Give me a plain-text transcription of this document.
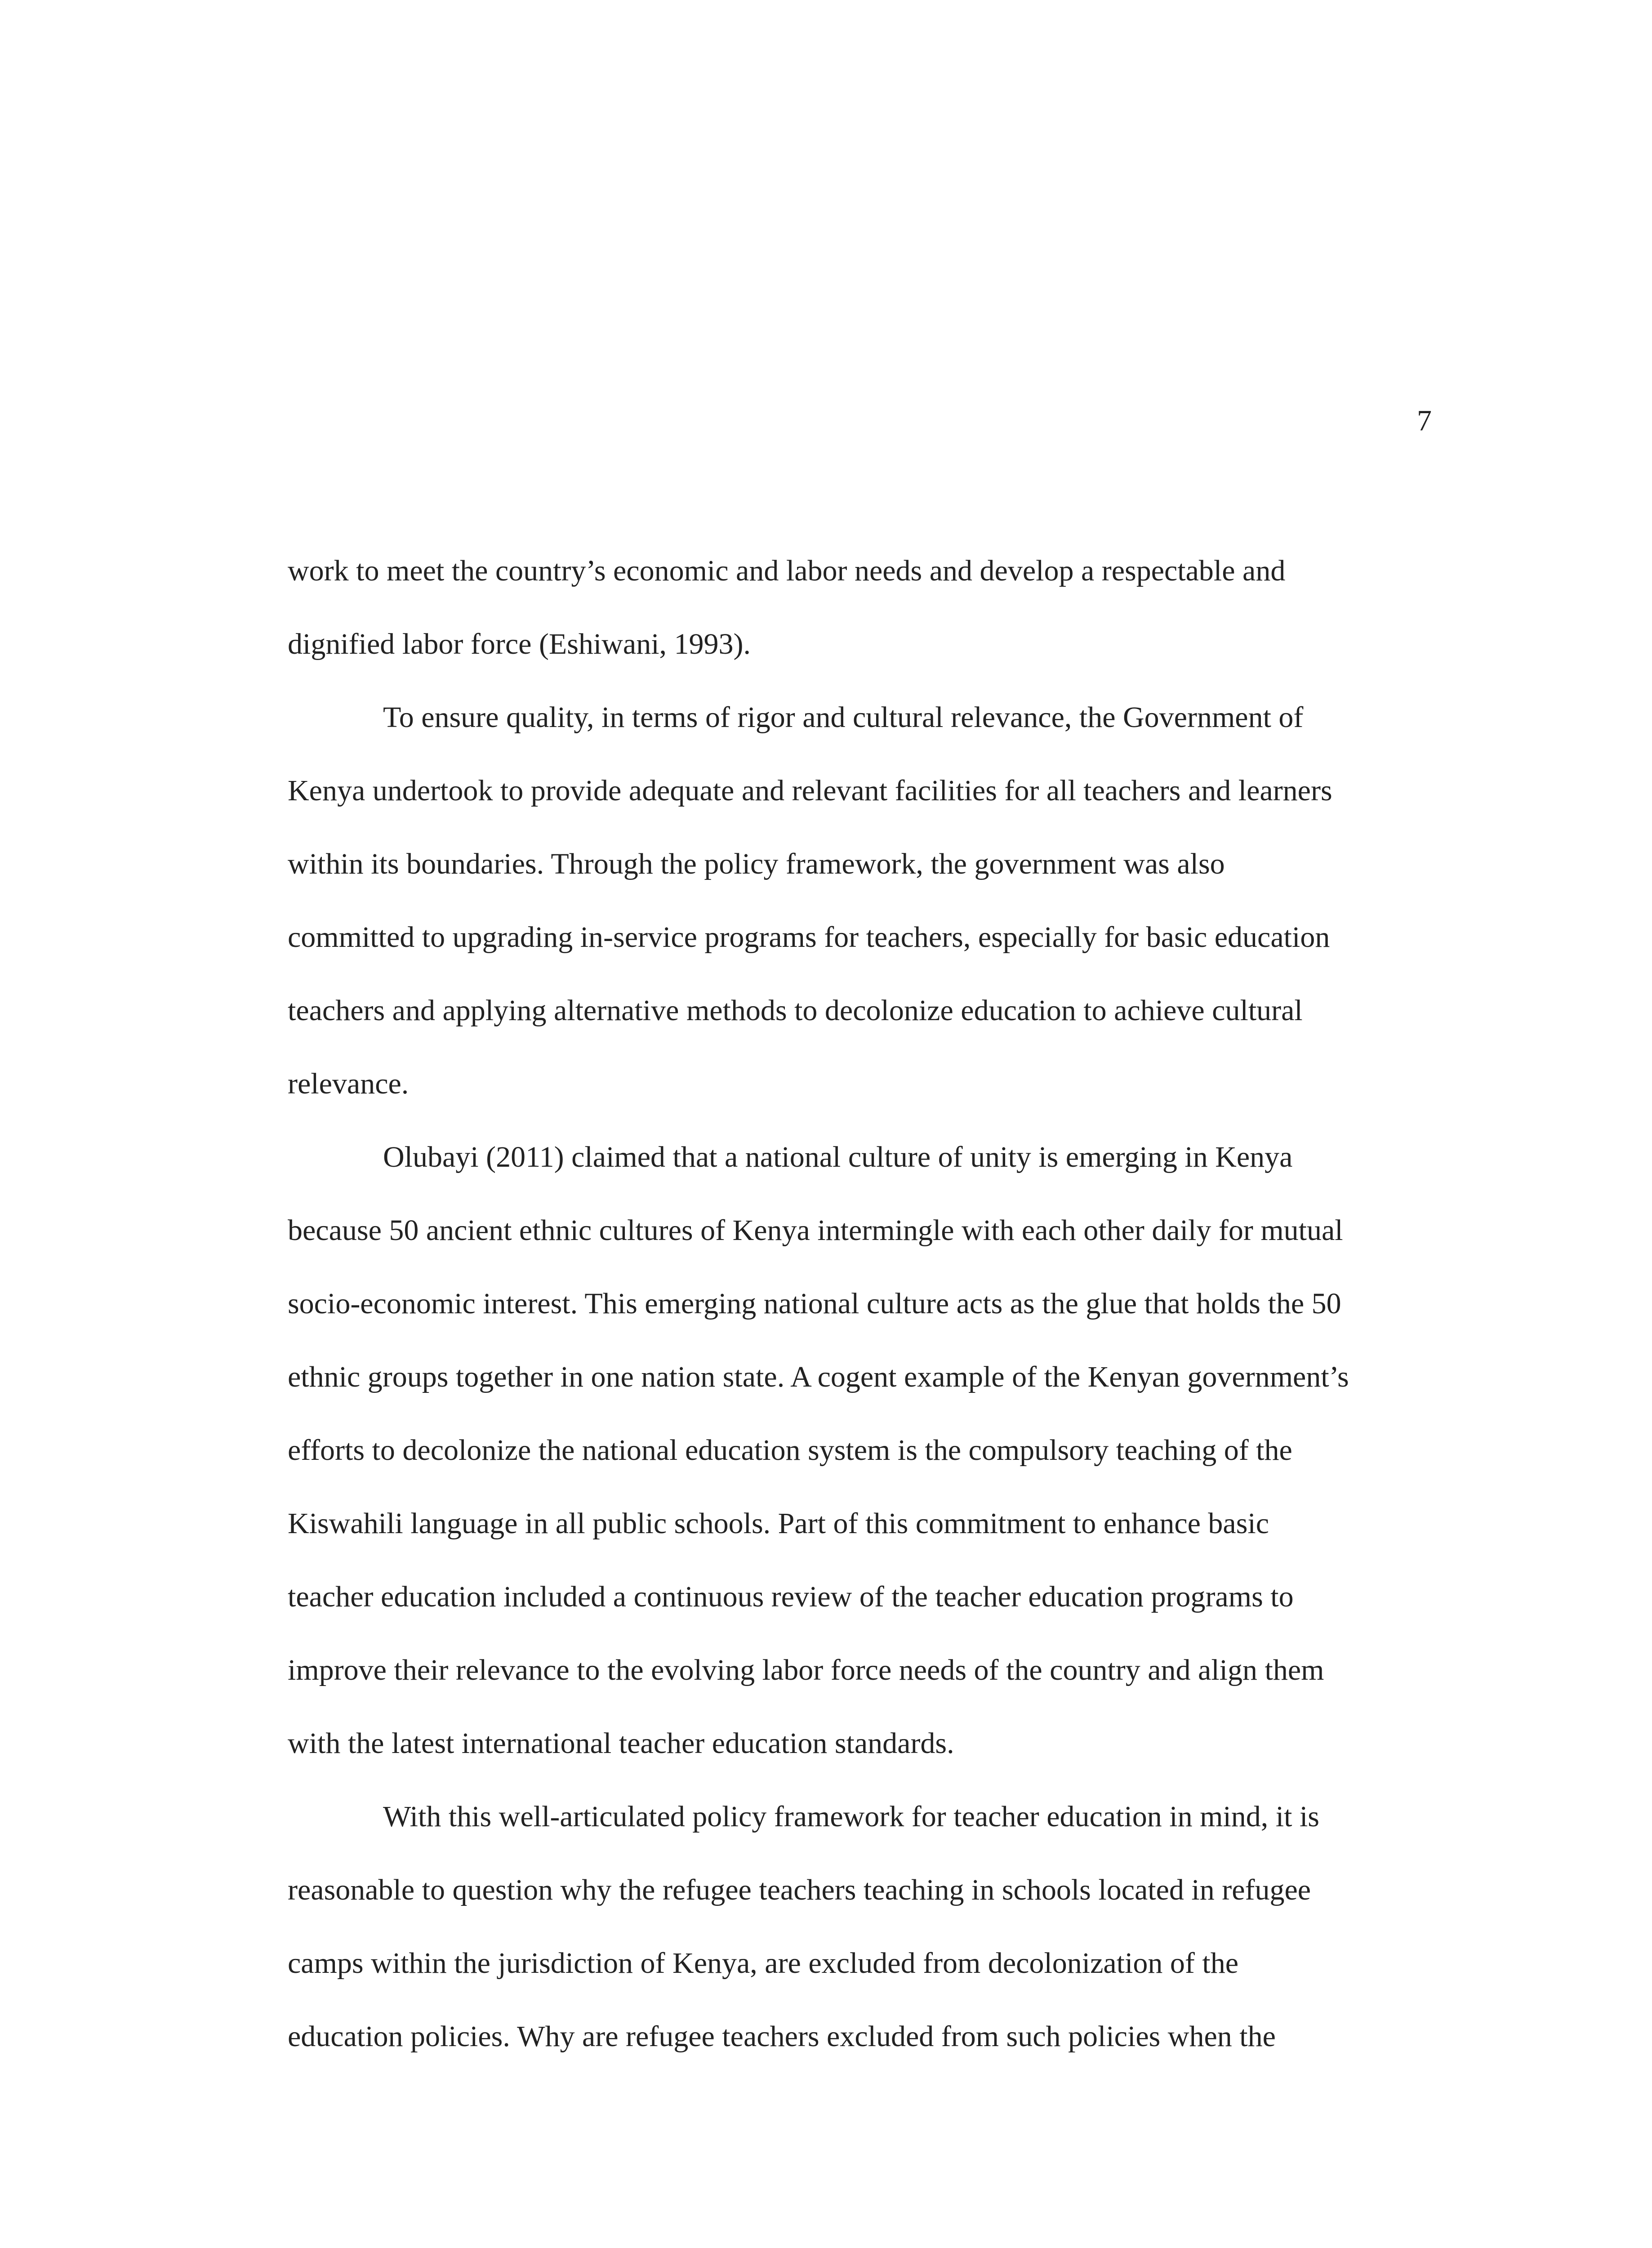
7
work to meet the country’s economic and labor needs and develop a respectable and
dignified labor force (Eshiwani, 1993).
To ensure quality, in terms of rigor and cultural relevance, the Government of
Kenya undertook to provide adequate and relevant facilities for all teachers and learners
within its boundaries. Through the policy framework, the government was also
committed to upgrading in-service programs for teachers, especially for basic education
teachers and applying alternative methods to decolonize education to achieve cultural
relevance.
Olubayi (2011) claimed that a national culture of unity is emerging in Kenya
because 50 ancient ethnic cultures of Kenya intermingle with each other daily for mutual
socio-economic interest. This emerging national culture acts as the glue that holds the 50
ethnic groups together in one nation state. A cogent example of the Kenyan government’s
efforts to decolonize the national education system is the compulsory teaching of the
Kiswahili language in all public schools. Part of this commitment to enhance basic
teacher education included a continuous review of the teacher education programs to
improve their relevance to the evolving labor force needs of the country and align them
with the latest international teacher education standards.
With this well-articulated policy framework for teacher education in mind, it is
reasonable to question why the refugee teachers teaching in schools located in refugee
camps within the jurisdiction of Kenya, are excluded from decolonization of the
education policies. Why are refugee teachers excluded from such policies when the
